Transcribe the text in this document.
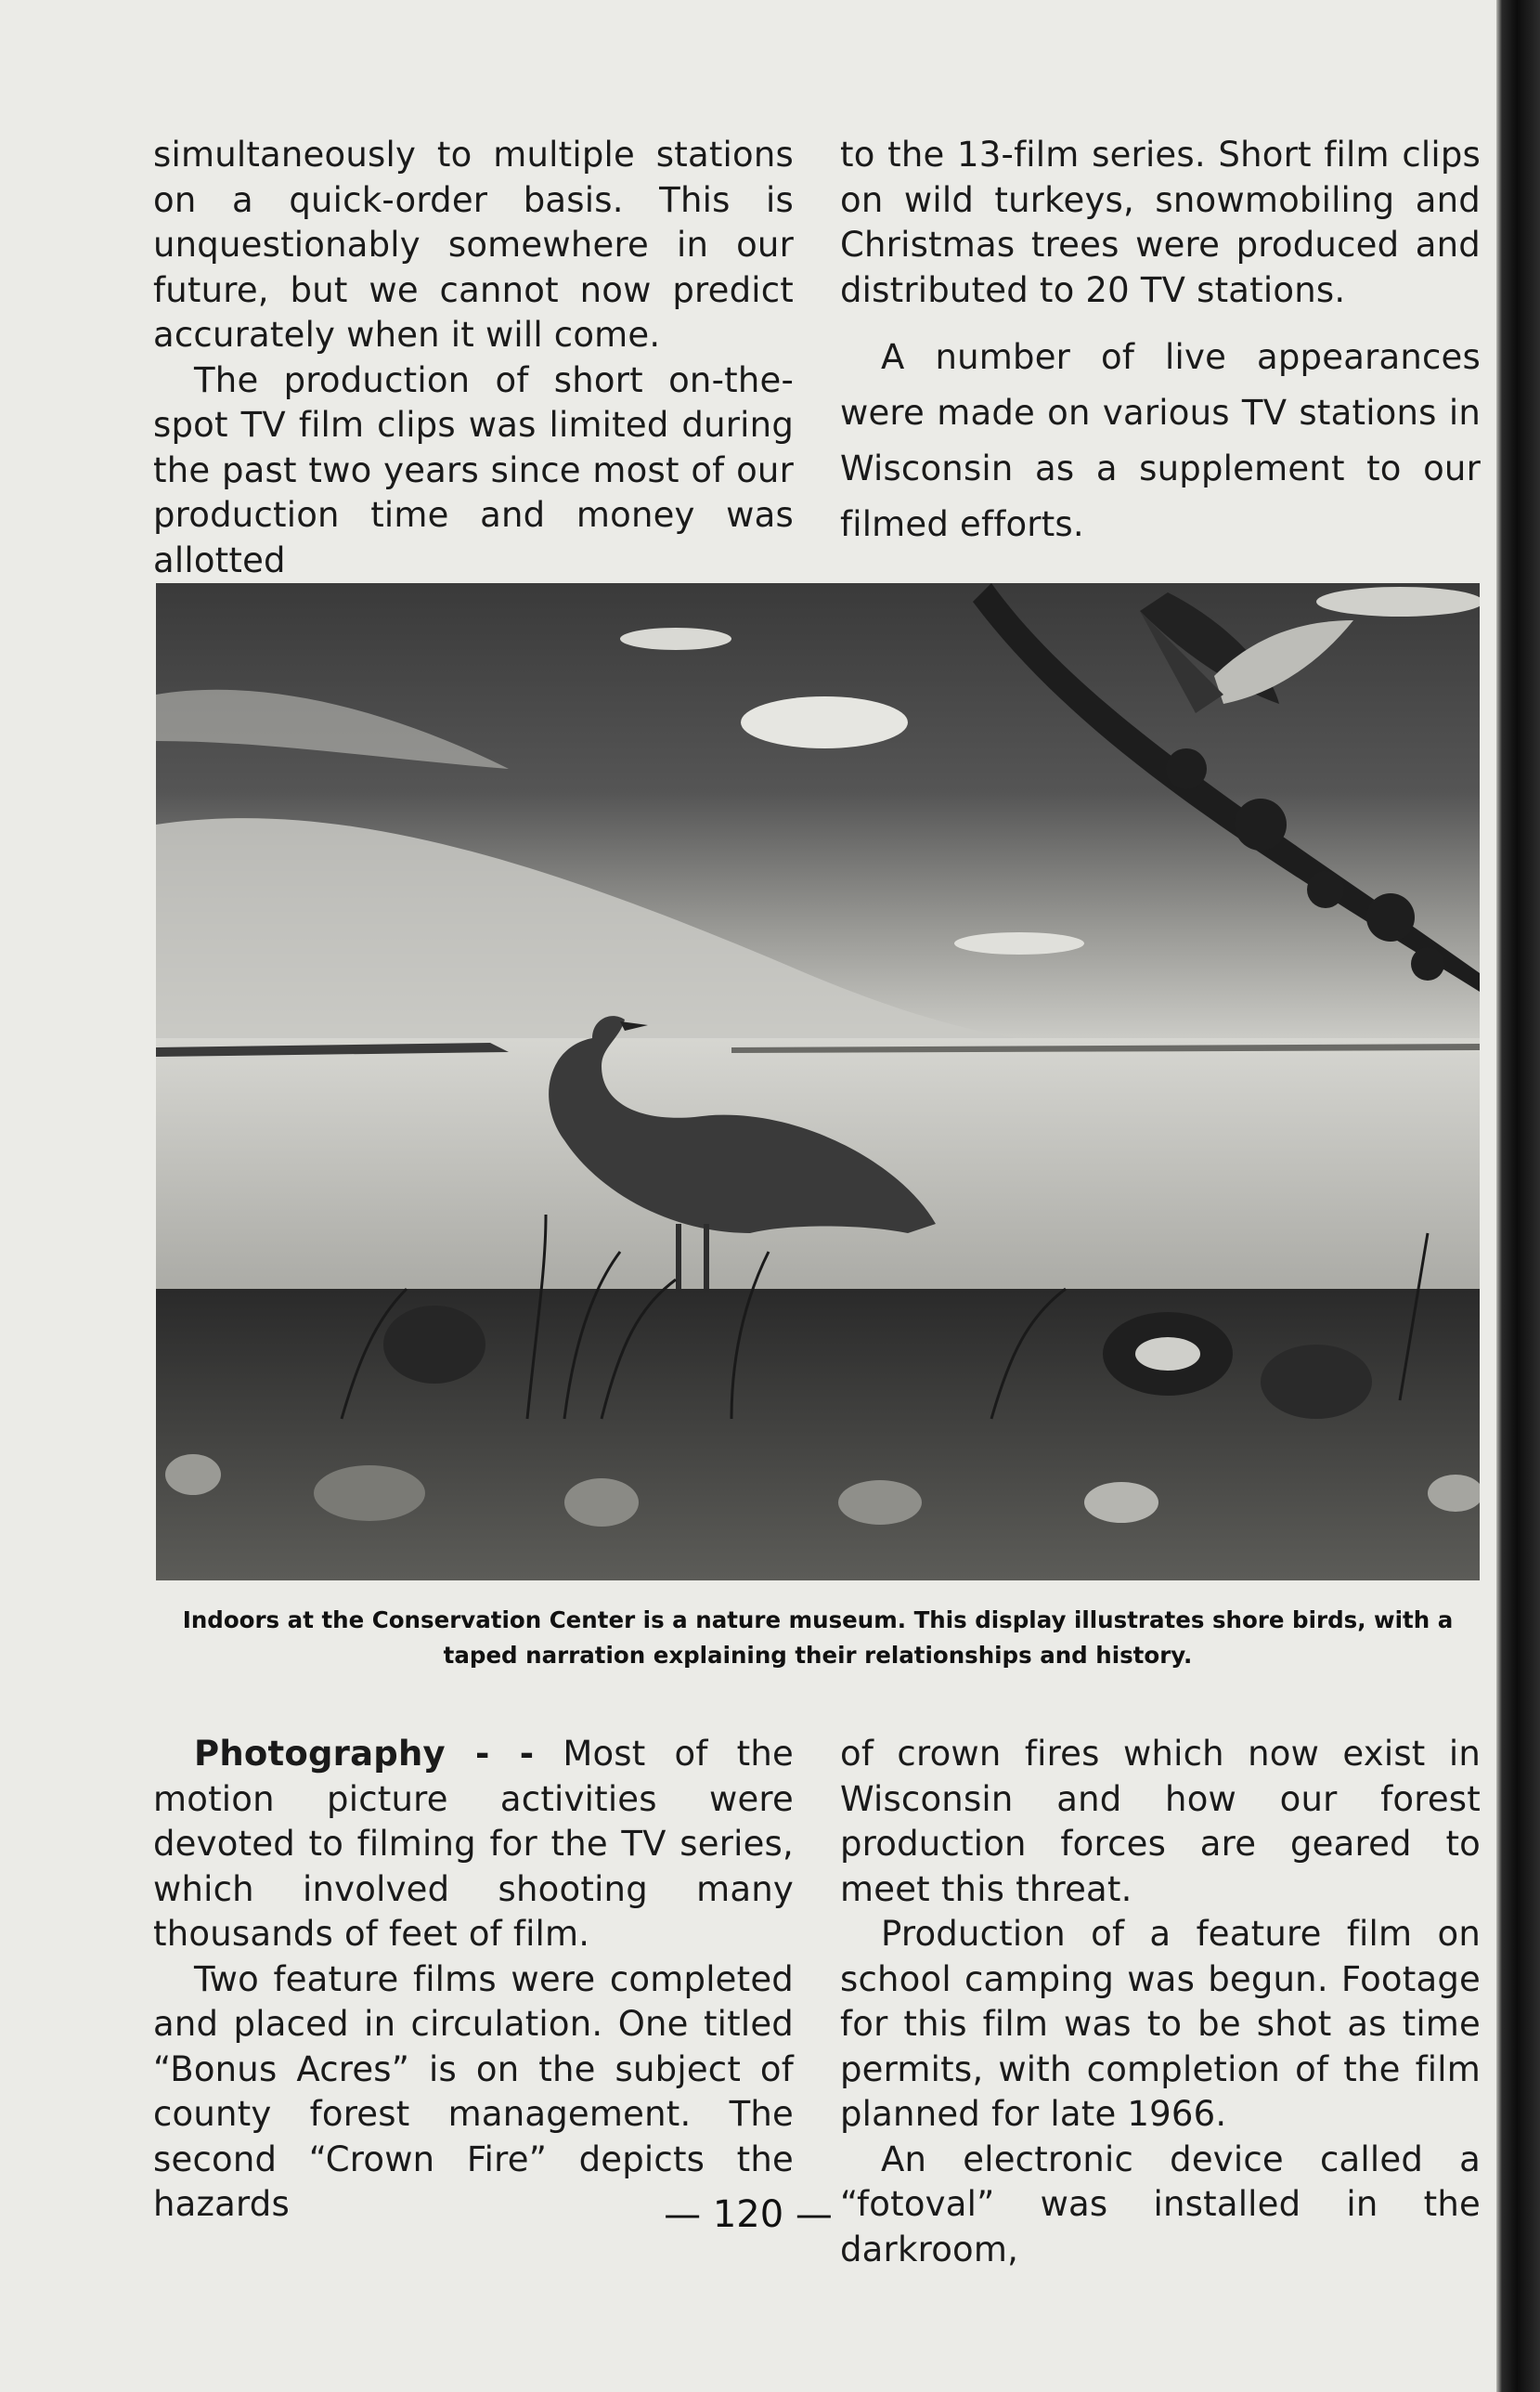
simultaneously to multiple stations on a quick-order basis. This is unquestionably somewhere in our future, but we cannot now predict accurately when it will come.

The production of short on-the-spot TV film clips was limited during the past two years since most of our production time and money was allotted

to the 13-film series. Short film clips on wild turkeys, snowmobiling and Christmas trees were produced and distributed to 20 TV stations.

A number of live appearances were made on various TV stations in Wisconsin as a supplement to our filmed efforts.

Indoors at the Conservation Center is a nature museum. This display illustrates shore birds, with a taped narration explaining their relationships and history.

Photography - - Most of the motion picture activities were devoted to filming for the TV series, which involved shooting many thousands of feet of film.

Two feature films were completed and placed in circulation. One titled “Bonus Acres” is on the subject of county forest management. The second “Crown Fire” depicts the hazards

of crown fires which now exist in Wisconsin and how our forest production forces are geared to meet this threat.

Production of a feature film on school camping was begun. Footage for this film was to be shot as time permits, with completion of the film planned for late 1966.

An electronic device called a “fotoval” was installed in the darkroom,

— 120 —
